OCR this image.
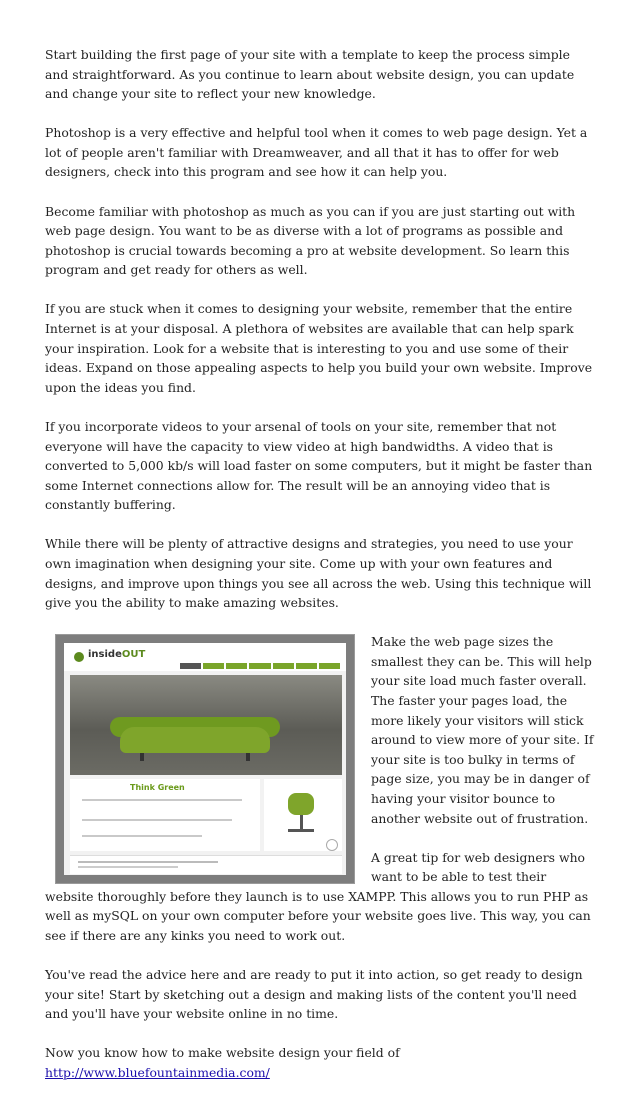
Start building the first page of your site with a template to keep the process simple and straightforward. As you continue to learn about website design, you can update and change your site to reflect your new knowledge.

Photoshop is a very effective and helpful tool when it comes to web page design. Yet a lot of people aren't familiar with Dreamweaver, and all that it has to offer for web designers, check into this program and see how it can help you.

Become familiar with photoshop as much as you can if you are just starting out with web page design. You want to be as diverse with a lot of programs as possible and photoshop is crucial towards becoming a pro at website development. So learn this program and get ready for others as well.

If you are stuck when it comes to designing your website, remember that the entire Internet is at your disposal. A plethora of websites are available that can help spark your inspiration. Look for a website that is interesting to you and use some of their ideas. Expand on those appealing aspects to help you build your own website. Improve upon the ideas you find.

If you incorporate videos to your arsenal of tools on your site, remember that not everyone will have the capacity to view video at high bandwidths. A video that is converted to 5,000 kb/s will load faster on some computers, but it might be faster than some Internet connections allow for. The result will be an annoying video that is constantly buffering.

While there will be plenty of attractive designs and strategies, you need to use your own imagination when designing your site. Come up with your own features and designs, and improve upon things you see all across the web. Using this technique will give you the ability to make amazing websites.

insideOUT
Think Green

Make the web page sizes the smallest they can be. This will help your site load much faster overall. The faster your pages load, the more likely your visitors will stick around to view more of your site. If your site is too bulky in terms of page size, you may be in danger of having your visitor bounce to another website out of frustration.

A great tip for web designers who want to be able to test their website thoroughly before they launch is to use XAMPP. This allows you to run PHP as well as mySQL on your own computer before your website goes live. This way, you can see if there are any kinks you need to work out.

You've read the advice here and are ready to put it into action, so get ready to design your site! Start by sketching out a design and making lists of the content you'll need and you'll have your website online in no time.

Now you know how to make website design your field of http://www.bluefountainmedia.com/
